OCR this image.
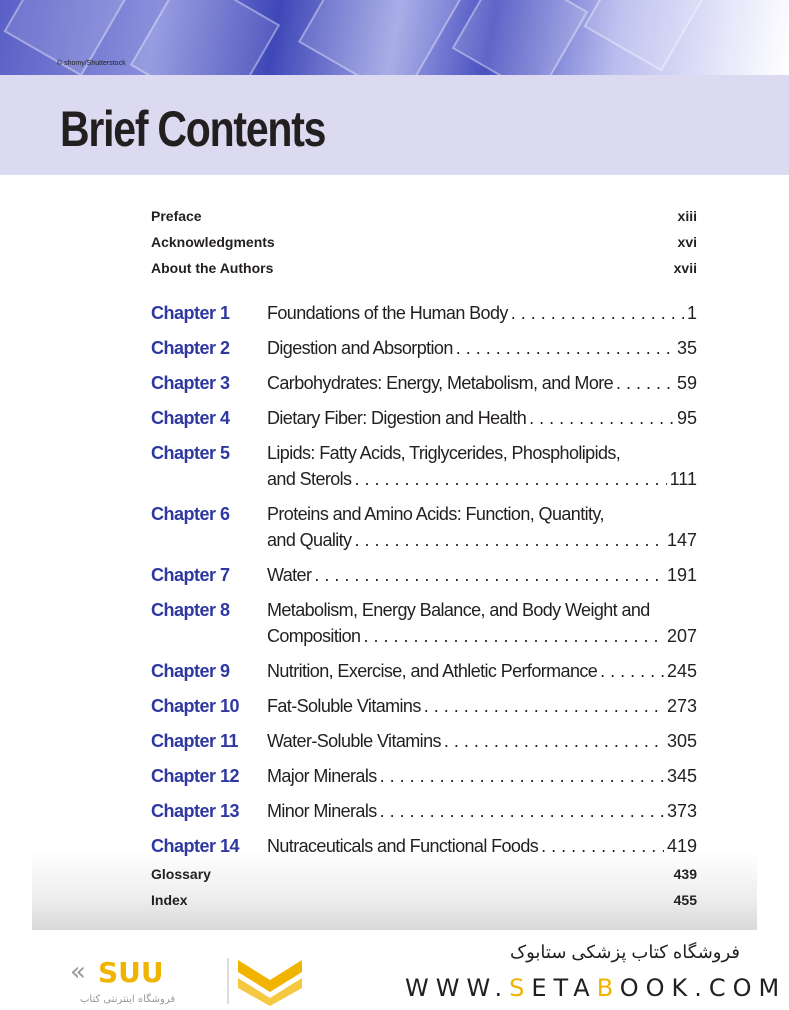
© shomy/Shutterstock
Brief Contents
Preface	xiii
Acknowledgments	xvi
About the Authors	xvii
Chapter 1 Foundations of the Human Body . . .	1
Chapter 2 Digestion and Absorption . . .	35
Chapter 3 Carbohydrates: Energy, Metabolism, and More . . .	59
Chapter 4 Dietary Fiber: Digestion and Health . . .	95
Chapter 5 Lipids: Fatty Acids, Triglycerides, Phospholipids,
and Sterols . . .	111
Chapter 6 Proteins and Amino Acids: Function, Quantity,
and Quality . . .	147
Chapter 7 Water . . .	191
Chapter 8 Metabolism, Energy Balance, and Body Weight and
Composition . . .	207
Chapter 9 Nutrition, Exercise, and Athletic Performance . . .	245
Chapter 10 Fat-Soluble Vitamins . . .	273
Chapter 11 Water-Soluble Vitamins . . .	305
Chapter 12 Major Minerals . . .	345
Chapter 13 Minor Minerals . . .	373
Chapter 14 Nutraceuticals and Functional Foods . . .	419
Glossary	439
Index	455
« SUU
فروشگاه اینترنتی کتاب
فروشگاه کتاب پزشکی ستابوک
WWW.SETABOOK.COM
